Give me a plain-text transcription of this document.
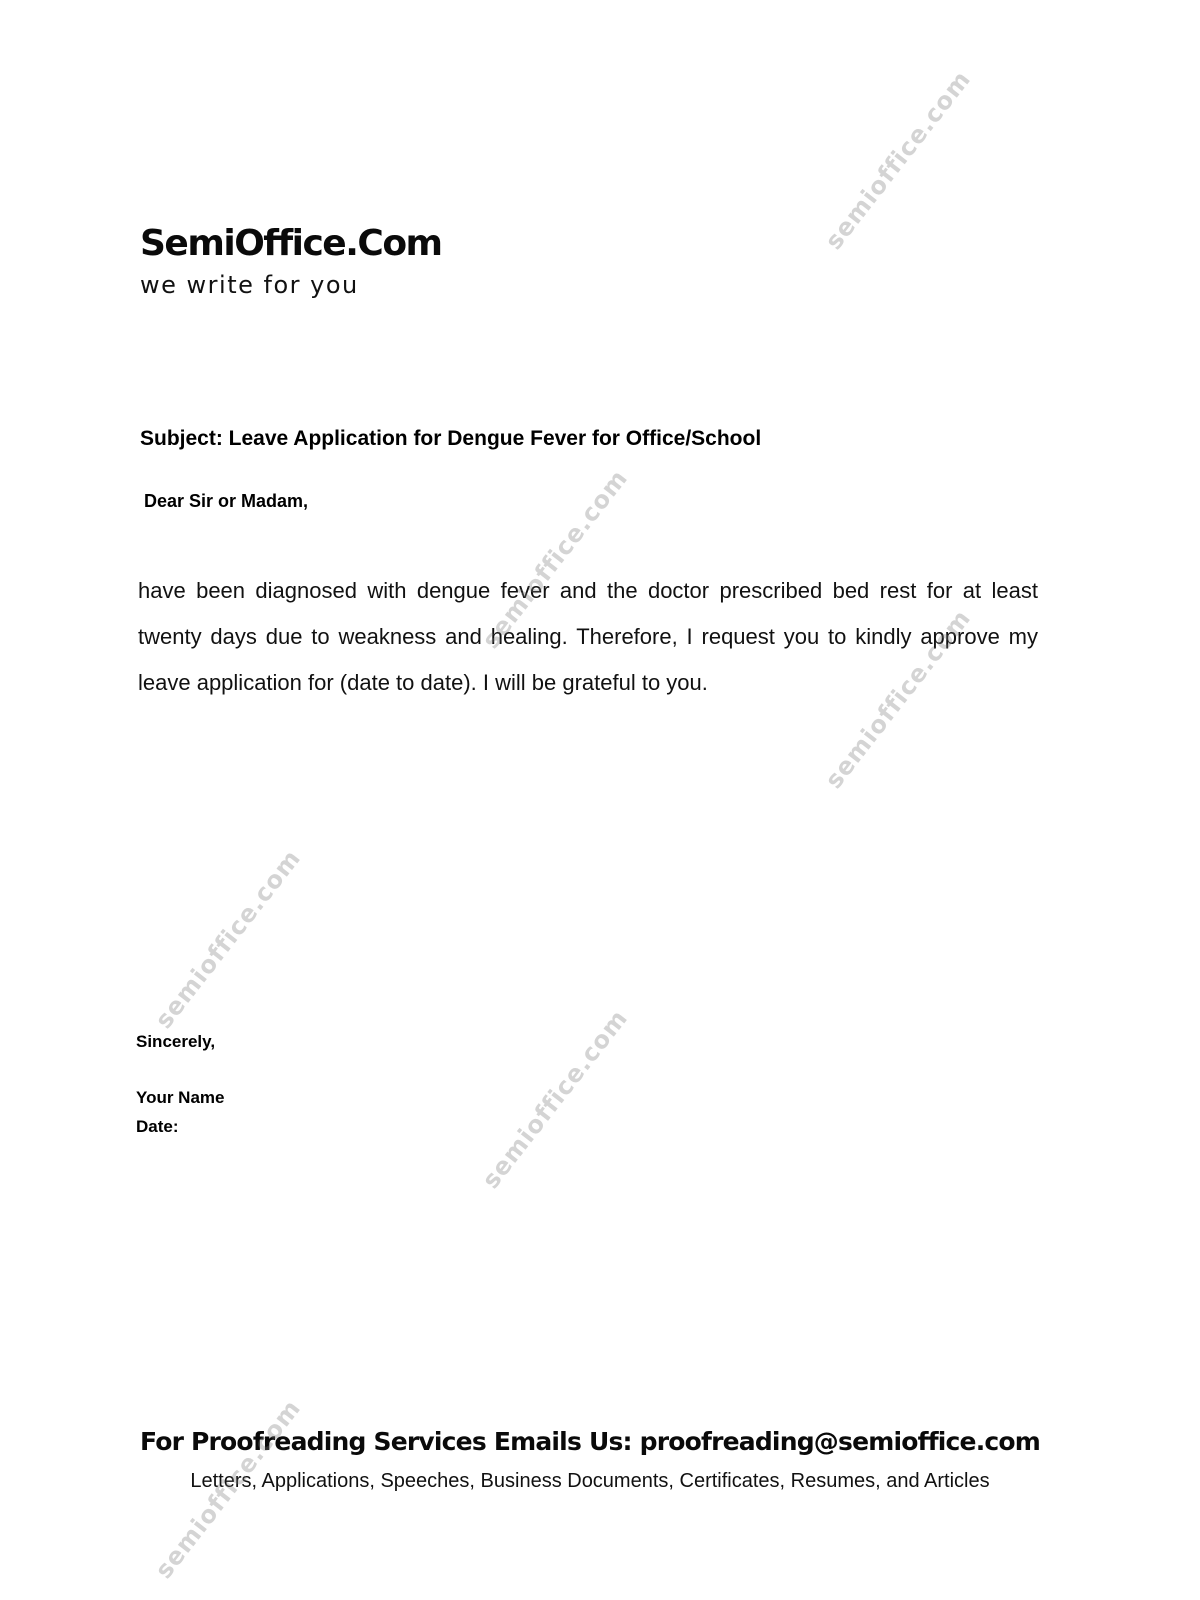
SemiOffice.Com
we write for you
Subject: Leave Application for Dengue Fever for Office/School
Dear Sir or Madam,
have been diagnosed with dengue fever and the doctor prescribed bed rest for at least twenty days due to weakness and healing. Therefore, I request you to kindly approve my leave application for (date to date). I will be grateful to you.
Sincerely,
Your Name
Date:
For Proofreading Services Emails Us: proofreading@semioffice.com
Letters, Applications, Speeches, Business Documents, Certificates, Resumes, and Articles
semioffice.com
semioffice.com
semioffice.com
semioffice.com
semioffice.com
semioffice.com
